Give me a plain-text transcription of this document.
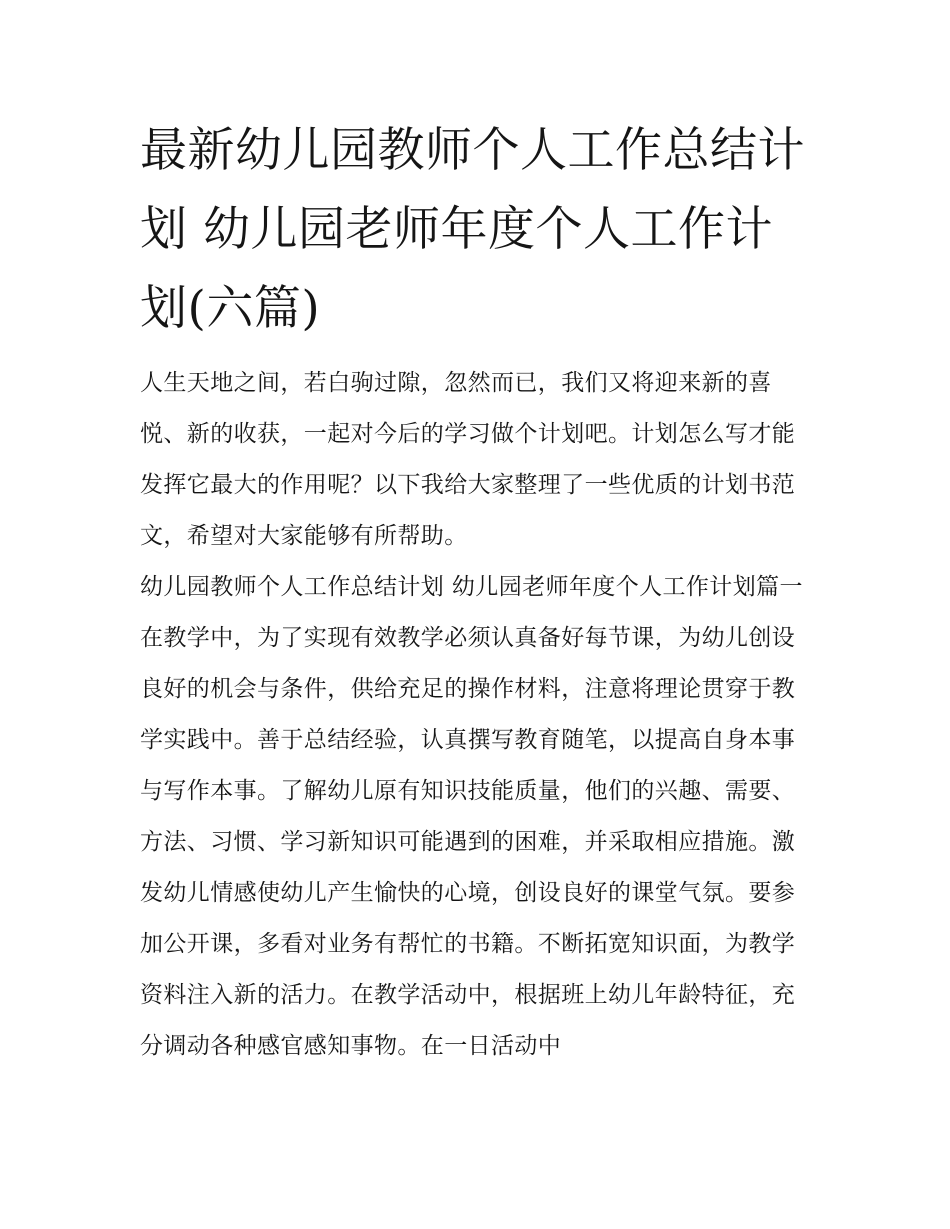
最新幼儿园教师个人工作总结计划 幼儿园老师年度个人工作计划(六篇)

人生天地之间，若白驹过隙，忽然而已，我们又将迎来新的喜悦、新的收获，一起对今后的学习做个计划吧。计划怎么写才能发挥它最大的作用呢？以下我给大家整理了一些优质的计划书范文，希望对大家能够有所帮助。

幼儿园教师个人工作总结计划 幼儿园老师年度个人工作计划篇一

在教学中，为了实现有效教学必须认真备好每节课，为幼儿创设良好的机会与条件，供给充足的操作材料，注意将理论贯穿于教学实践中。善于总结经验，认真撰写教育随笔，以提高自身本事与写作本事。了解幼儿原有知识技能质量，他们的兴趣、需要、方法、习惯、学习新知识可能遇到的困难，并采取相应措施。激发幼儿情感使幼儿产生愉快的心境，创设良好的课堂气氛。要参加公开课，多看对业务有帮忙的书籍。不断拓宽知识面，为教学资料注入新的活力。在教学活动中，根据班上幼儿年龄特征，充分调动各种感官感知事物。在一日活动中
